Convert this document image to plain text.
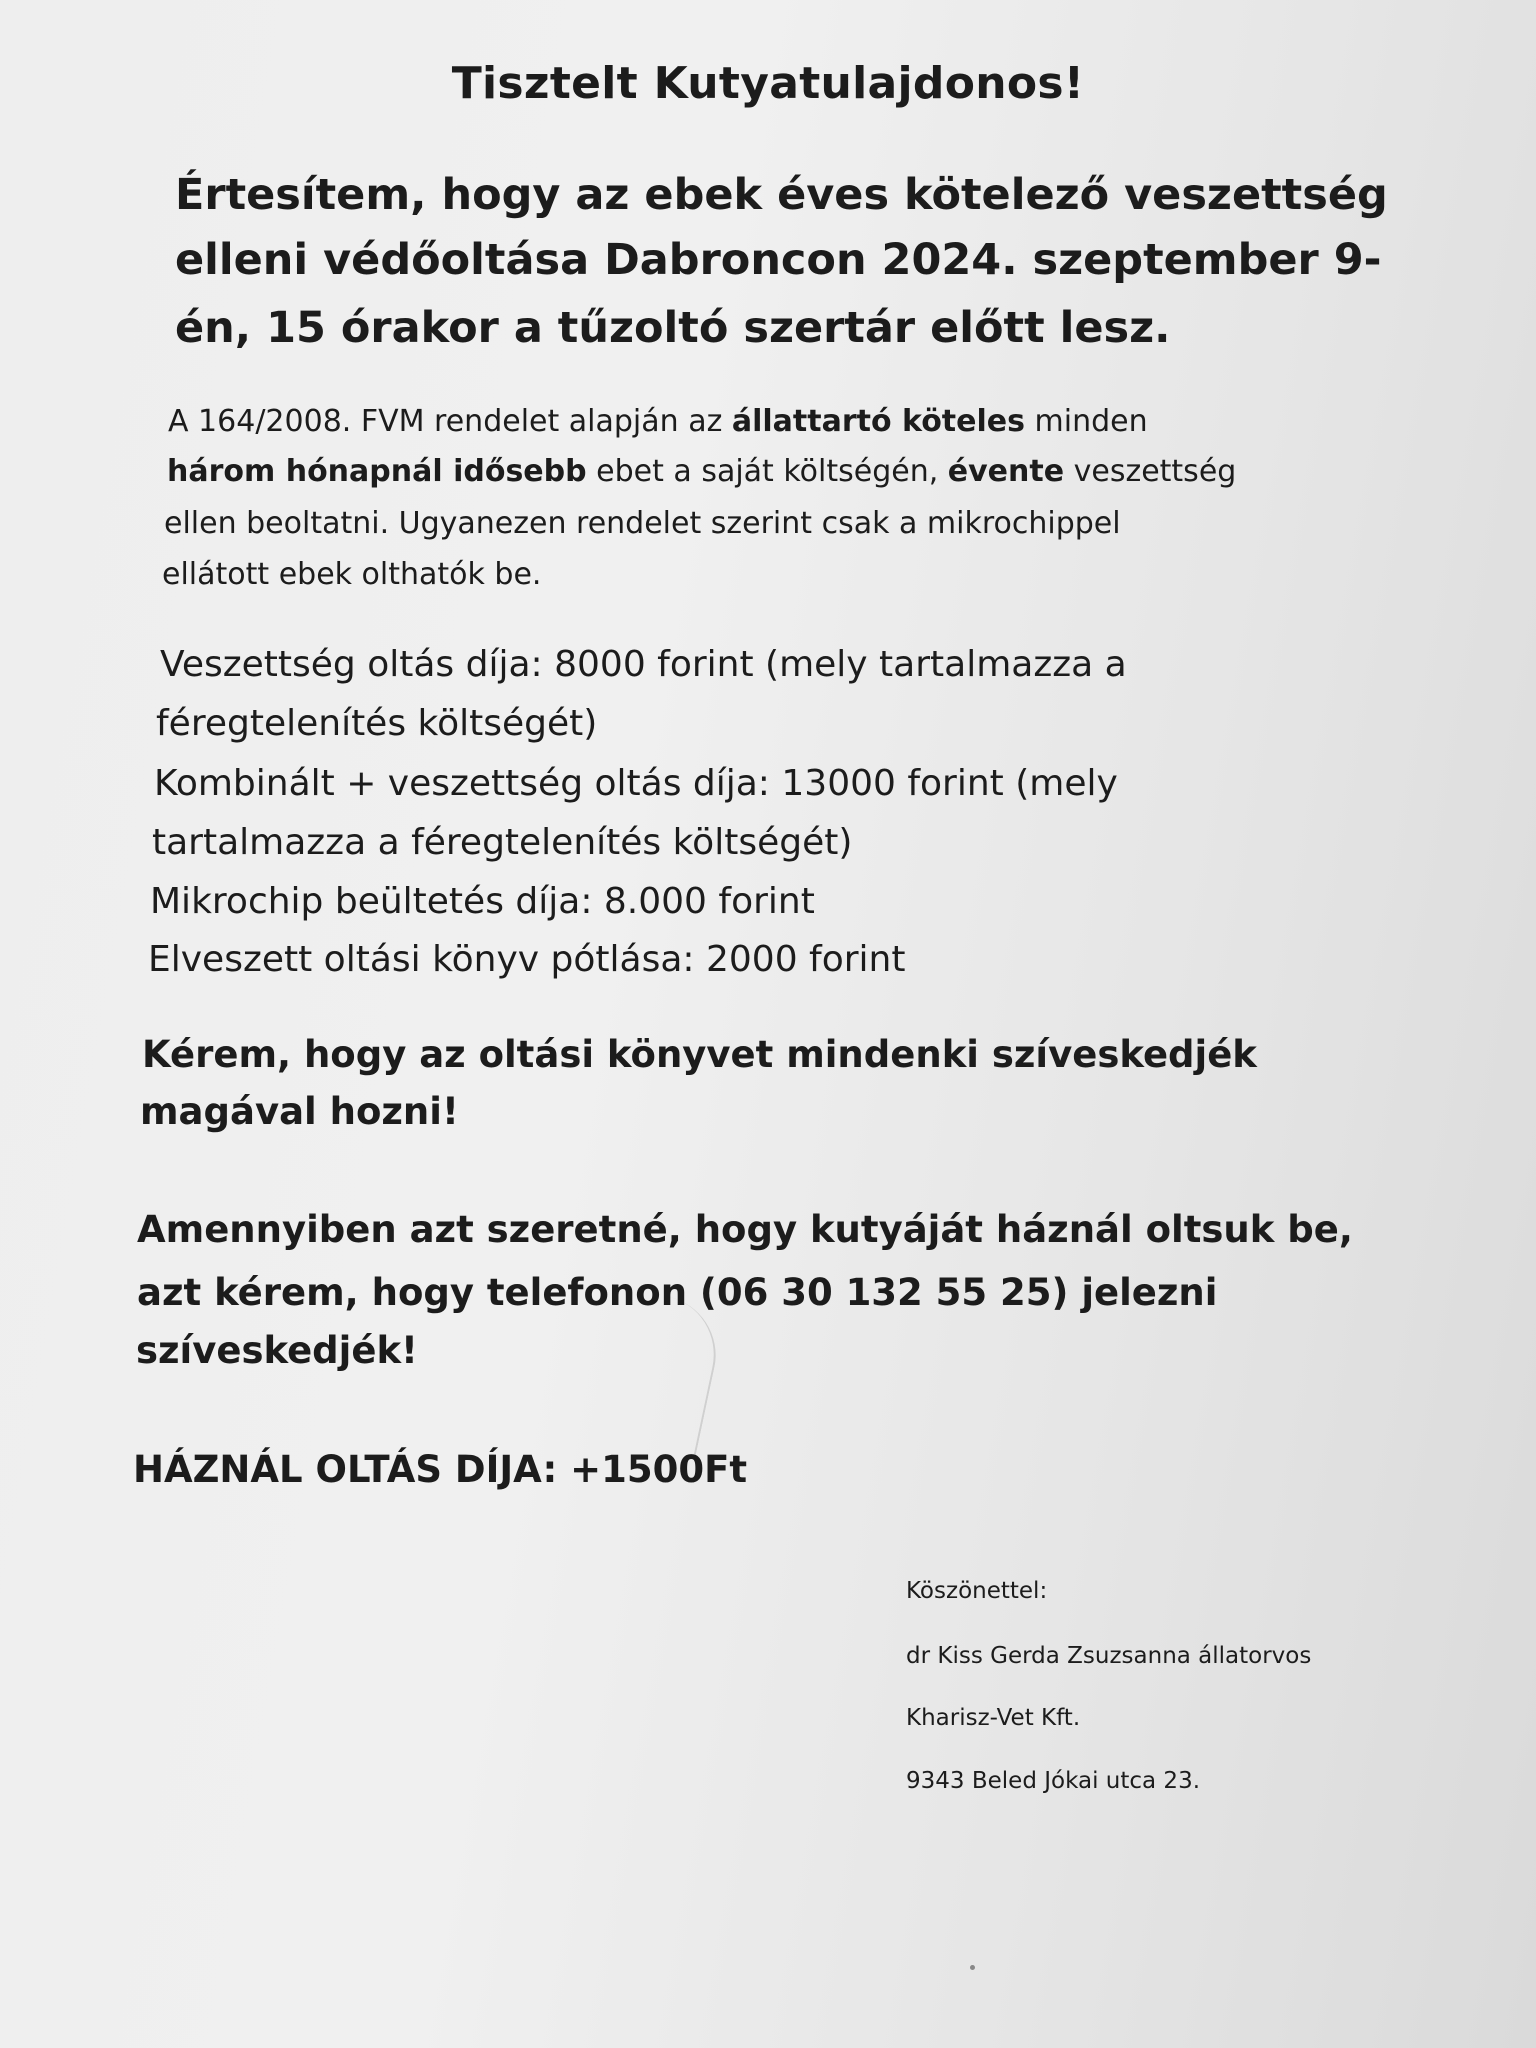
Tisztelt Kutyatulajdonos!

Értesítem, hogy az ebek éves kötelező veszettség

elleni védőoltása Dabroncon 2024. szeptember 9-

én, 15 órakor a tűzoltó szertár előtt lesz.

A 164/2008. FVM rendelet alapján az állattartó köteles minden

három hónapnál idősebb ebet a saját költségén, évente veszettség

ellen beoltatni. Ugyanezen rendelet szerint csak a mikrochippel

ellátott ebek olthatók be.

Veszettség oltás díja: 8000 forint (mely tartalmazza a

féregtelenítés költségét)

Kombinált + veszettség oltás díja: 13000 forint (mely

tartalmazza a féregtelenítés költségét)

Mikrochip beültetés díja: 8.000 forint

Elveszett oltási könyv pótlása: 2000 forint

Kérem, hogy az oltási könyvet mindenki szíveskedjék

magával hozni!

Amennyiben azt szeretné, hogy kutyáját háznál oltsuk be,

azt kérem, hogy telefonon (06 30 132 55 25) jelezni

szíveskedjék!

HÁZNÁL OLTÁS DÍJA: +1500Ft

Köszönettel:

dr Kiss Gerda Zsuzsanna állatorvos

Kharisz-Vet Kft.

9343 Beled Jókai utca 23.
